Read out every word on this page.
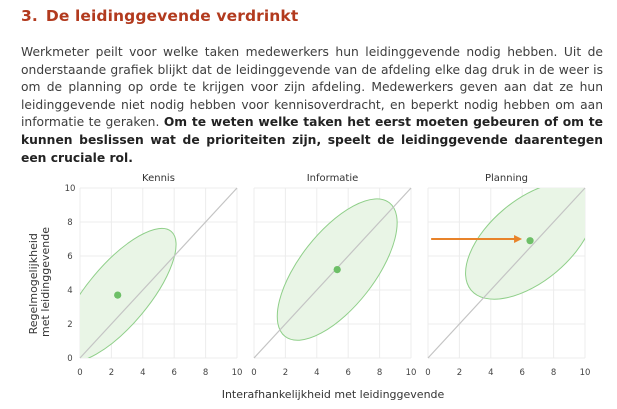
3. De leidinggevende verdrinkt
Werkmeter peilt voor welke taken medewerkers hun leidinggevende nodig hebben. Uit de onderstaande grafiek blijkt dat de leidinggevende van de afdeling elke dag druk in de weer is om de planning op orde te krijgen voor zijn afdeling. Medewerkers geven aan dat ze hun leidinggevende niet nodig hebben voor kennisoverdracht, en beperkt nodig hebben om aan informatie te geraken. Om te weten welke taken het eerst moeten gebeuren of om te kunnen beslissen wat de prioriteiten zijn, speelt de leidinggevende daarentegen een cruciale rol.
Kennis
0	2	4	6	8	10
0
2
4
6
8
10
Informatie
0	2	4	6	8	10
Planning
0	2	4	6	8	10
Regelmogelijkheid met leidinggevende
Interafhankelijkheid met leidinggevende
